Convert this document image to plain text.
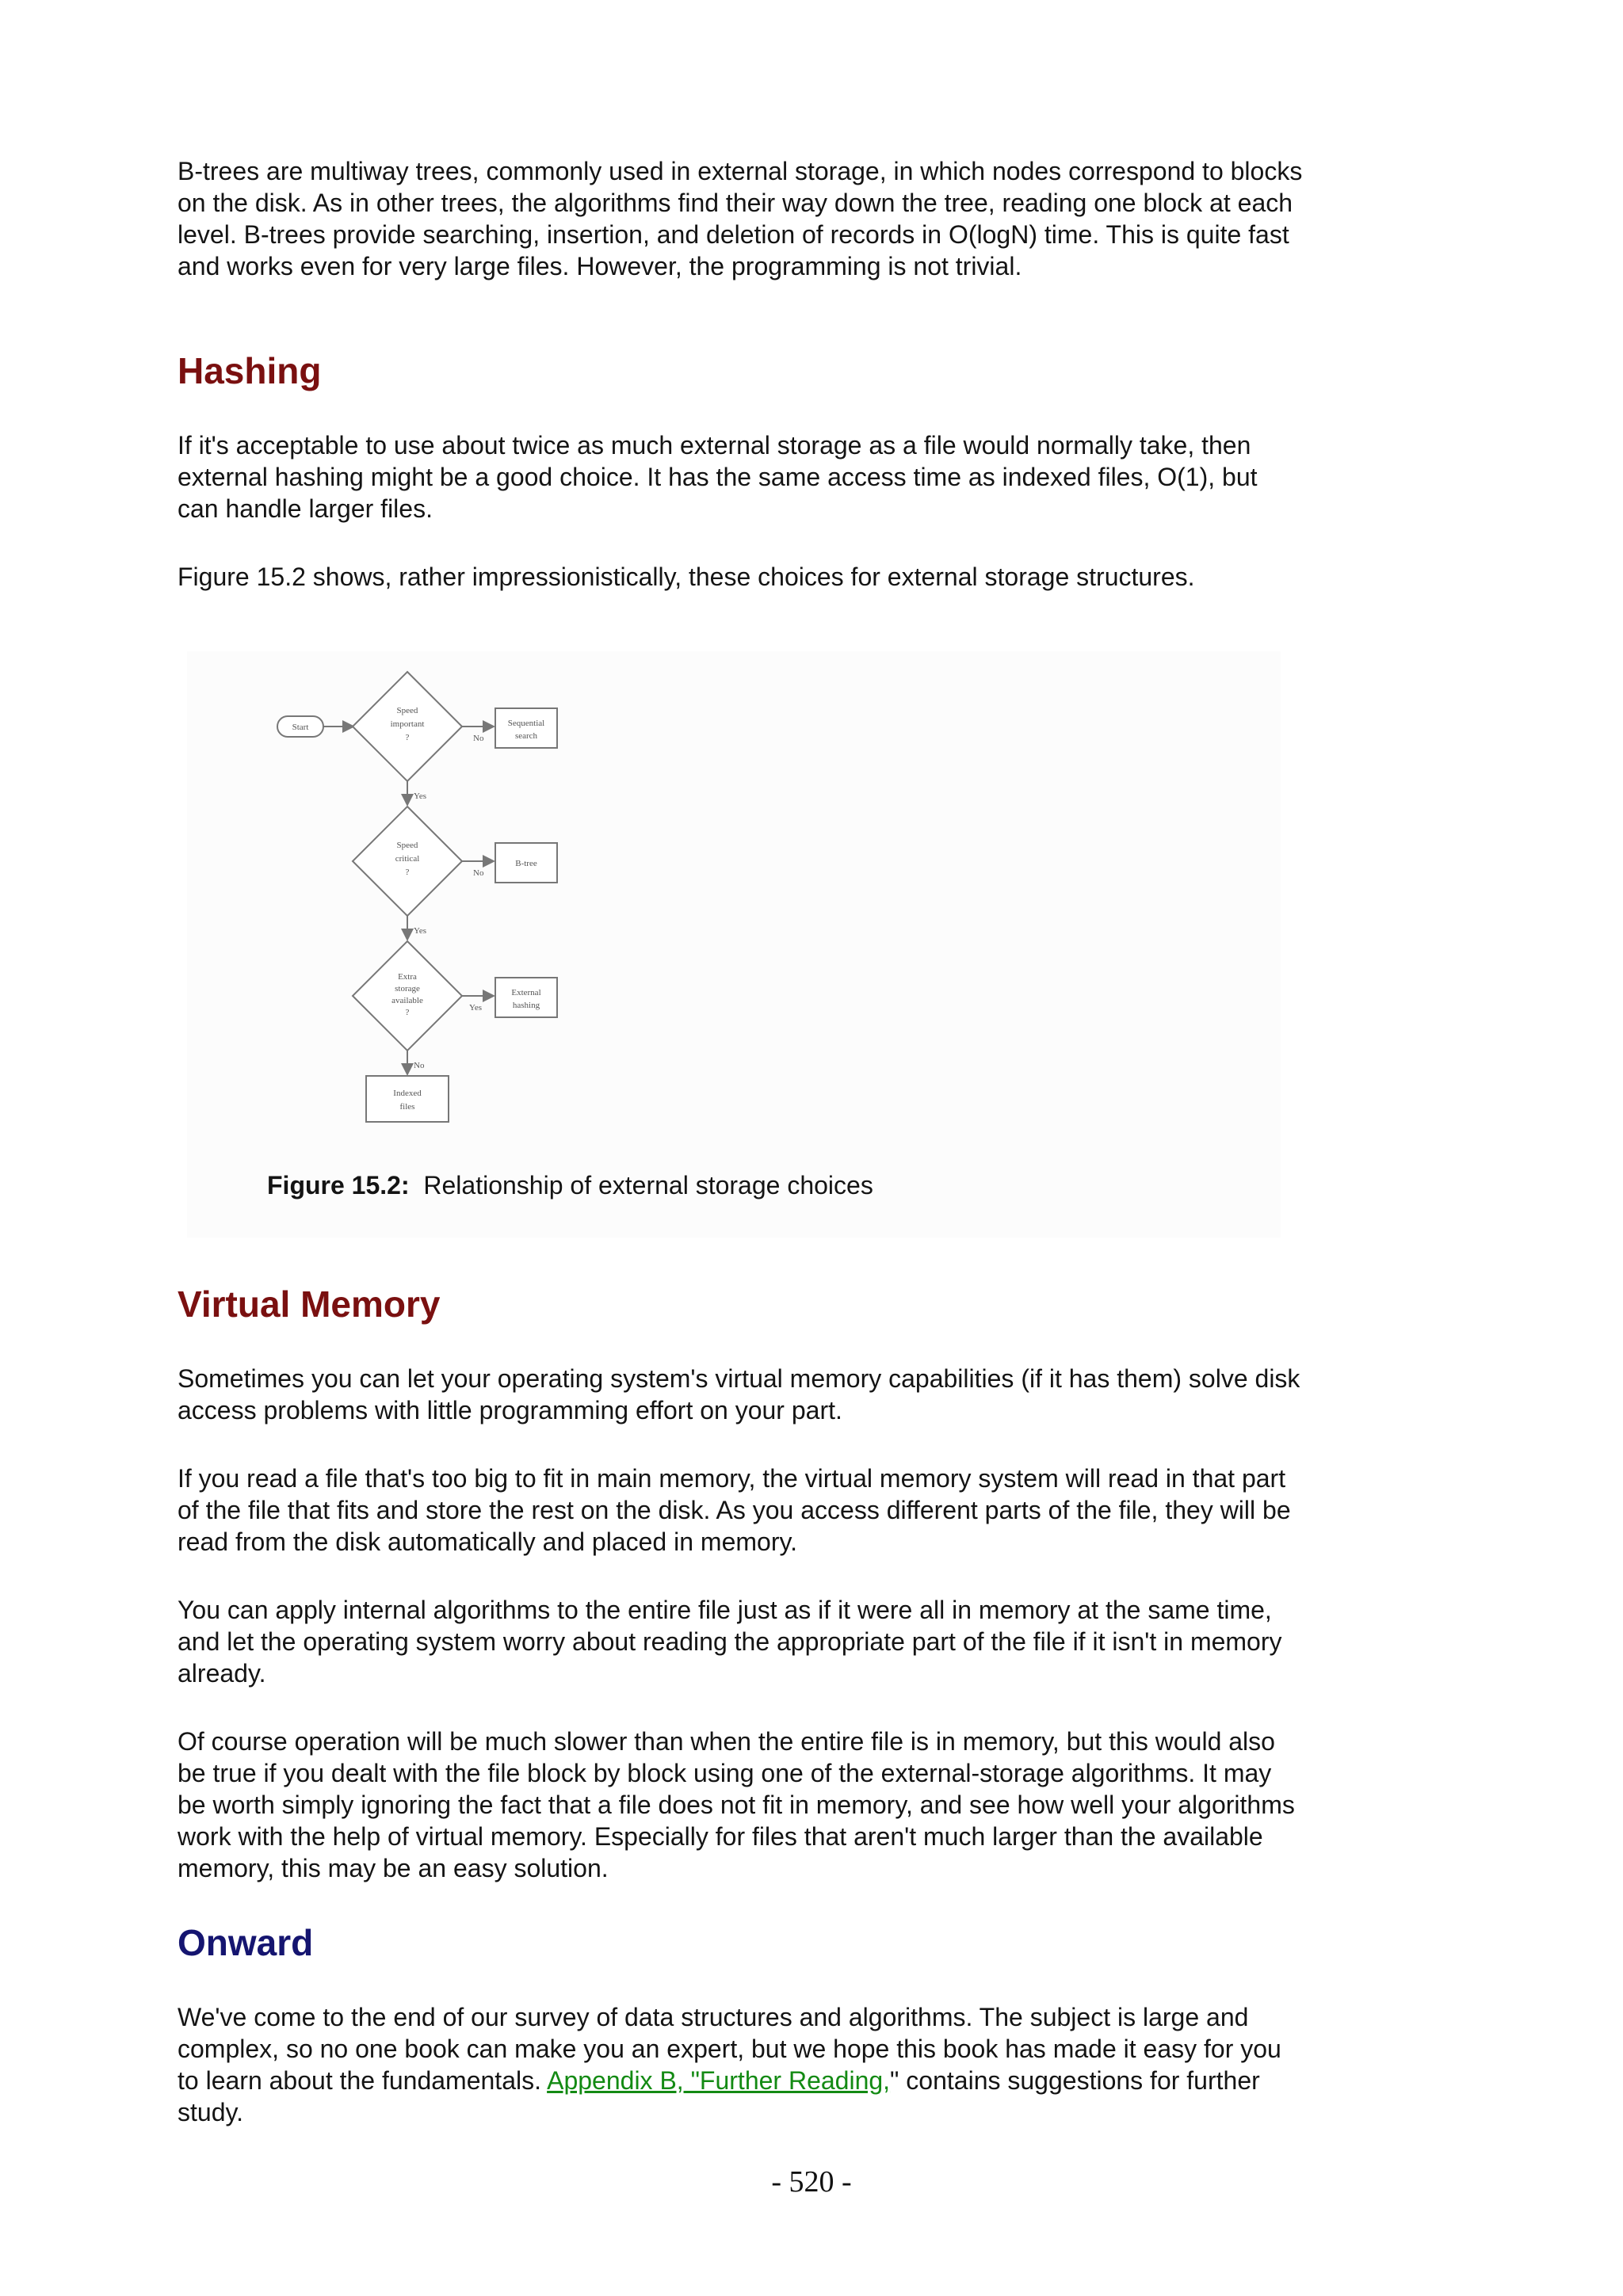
B-trees are multiway trees, commonly used in external storage, in which nodes correspond to blocks on the disk. As in other trees, the algorithms find their way down the tree, reading one block at each level. B-trees provide searching, insertion, and deletion of records in O(logN) time. This is quite fast and works even for very large files. However, the programming is not trivial.

Hashing

If it's acceptable to use about twice as much external storage as a file would normally take, then external hashing might be a good choice. It has the same access time as indexed files, O(1), but can handle larger files.

Figure 15.2 shows, rather impressionistically, these choices for external storage structures.

Start
Speed
important
?	No
Sequential
search
Yes
Speed
critical
?	No
B-tree
Yes
Extra
storage
available
?	Yes
External
hashing
No
Indexed
files
Figure 15.2: Relationship of external storage choices
Virtual Memory

Sometimes you can let your operating system's virtual memory capabilities (if it has them) solve disk access problems with little programming effort on your part.

If you read a file that's too big to fit in main memory, the virtual memory system will read in that part of the file that fits and store the rest on the disk. As you access different parts of the file, they will be read from the disk automatically and placed in memory.

You can apply internal algorithms to the entire file just as if it were all in memory at the same time, and let the operating system worry about reading the appropriate part of the file if it isn't in memory already.

Of course operation will be much slower than when the entire file is in memory, but this would also be true if you dealt with the file block by block using one of the external-storage algorithms. It may be worth simply ignoring the fact that a file does not fit in memory, and see how well your algorithms work with the help of virtual memory. Especially for files that aren't much larger than the available memory, this may be an easy solution.

Onward

We've come to the end of our survey of data structures and algorithms. The subject is large and complex, so no one book can make you an expert, but we hope this book has made it easy for you to learn about the fundamentals. Appendix B, "Further Reading," contains suggestions for further study.

- 520 -
